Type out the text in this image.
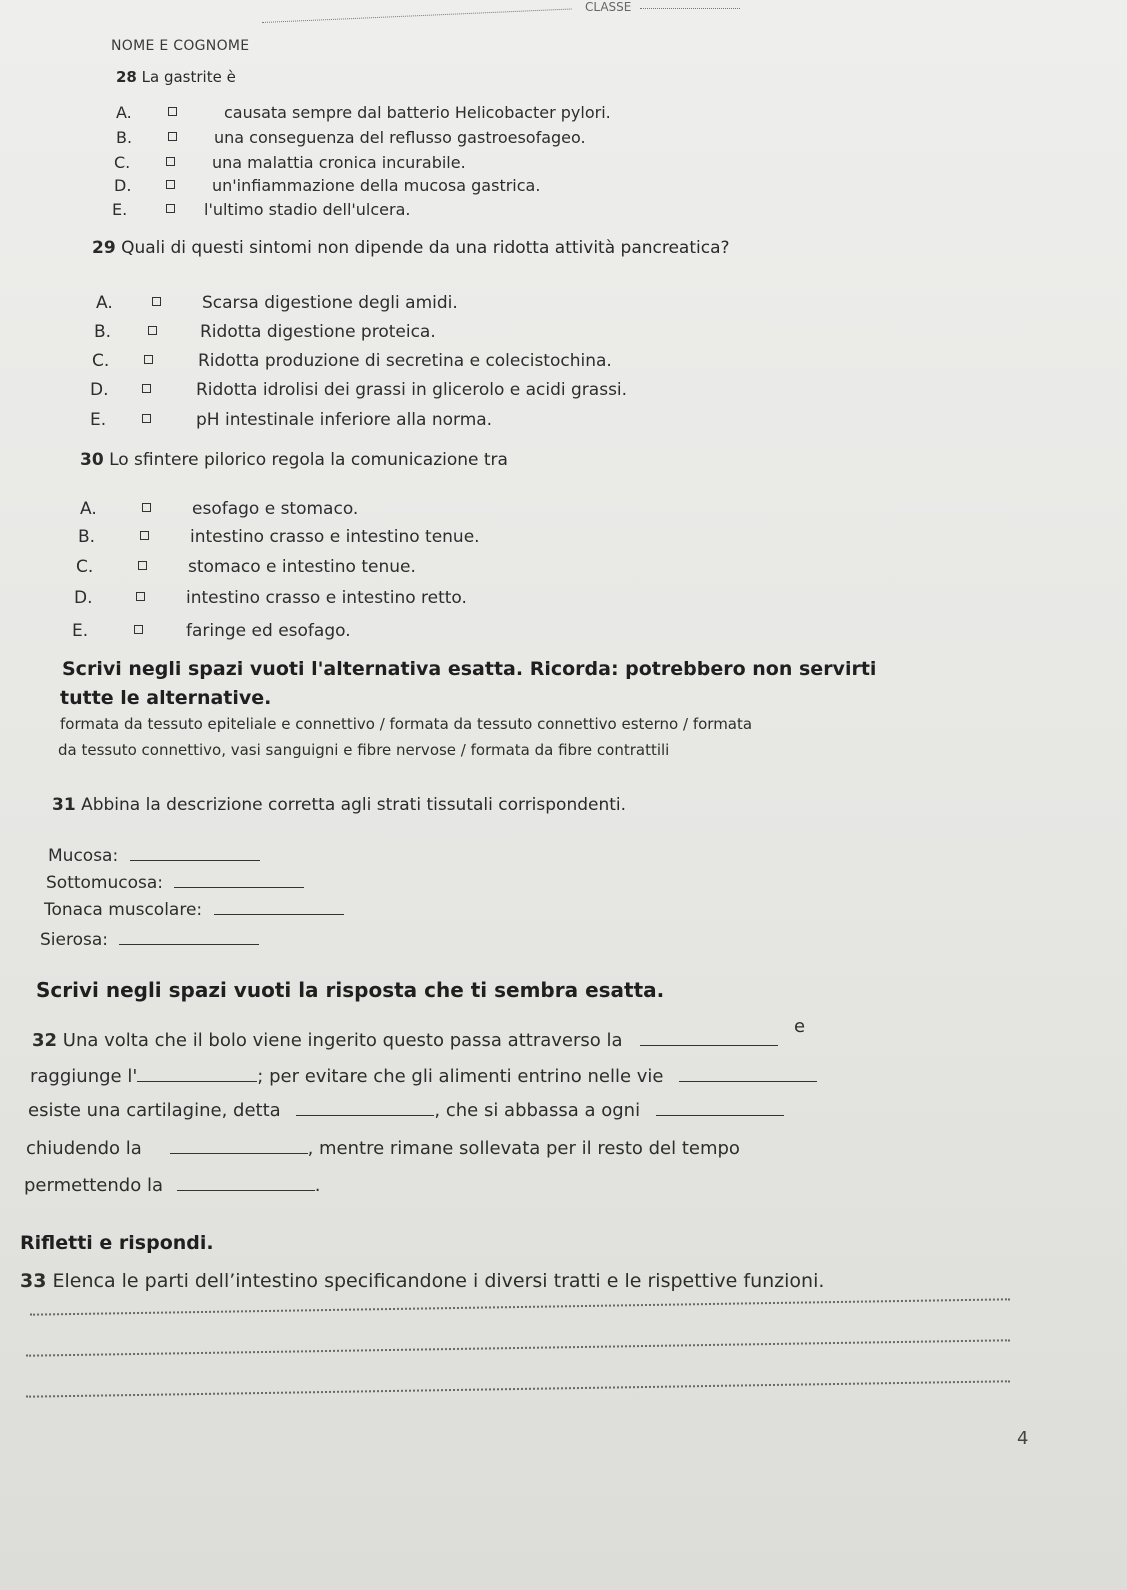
NOME E COGNOME
CLASSE
28 La gastrite è
A.	causata sempre dal batterio Helicobacter pylori.
B.	una conseguenza del reflusso gastroesofageo.
C.	una malattia cronica incurabile.
D.	un'infiammazione della mucosa gastrica.
E.	l'ultimo stadio dell'ulcera.
29 Quali di questi sintomi non dipende da una ridotta attività pancreatica?
A.	Scarsa digestione degli amidi.
B.	Ridotta digestione proteica.
C.	Ridotta produzione di secretina e colecistochina.
D.	Ridotta idrolisi dei grassi in glicerolo e acidi grassi.
E.	pH intestinale inferiore alla norma.
30 Lo sfintere pilorico regola la comunicazione tra
A.	esofago e stomaco.
B.	intestino crasso e intestino tenue.
C.	stomaco e intestino tenue.
D.	intestino crasso e intestino retto.
E.	faringe ed esofago.
Scrivi negli spazi vuoti l'alternativa esatta. Ricorda: potrebbero non servirti
tutte le alternative.
formata da tessuto epiteliale e connettivo / formata da tessuto connettivo esterno / formata
da tessuto connettivo, vasi sanguigni e fibre nervose / formata da fibre contrattili
31 Abbina la descrizione corretta agli strati tissutali corrispondenti.
Mucosa:
Sottomucosa:
Tonaca muscolare:
Sierosa:
Scrivi negli spazi vuoti la risposta che ti sembra esatta.
32 Una volta che il bolo viene ingerito questo passa attraverso la  e
raggiunge l'	; per evitare che gli alimenti entrino nelle vie
esiste una cartilagine, detta	, che si abbassa a ogni
chiudendo la	, mentre rimane sollevata per il resto del tempo
permettendo la	.
Rifletti e rispondi.
33 Elenca le parti dell’intestino specificandone i diversi tratti e le rispettive funzioni.
4
